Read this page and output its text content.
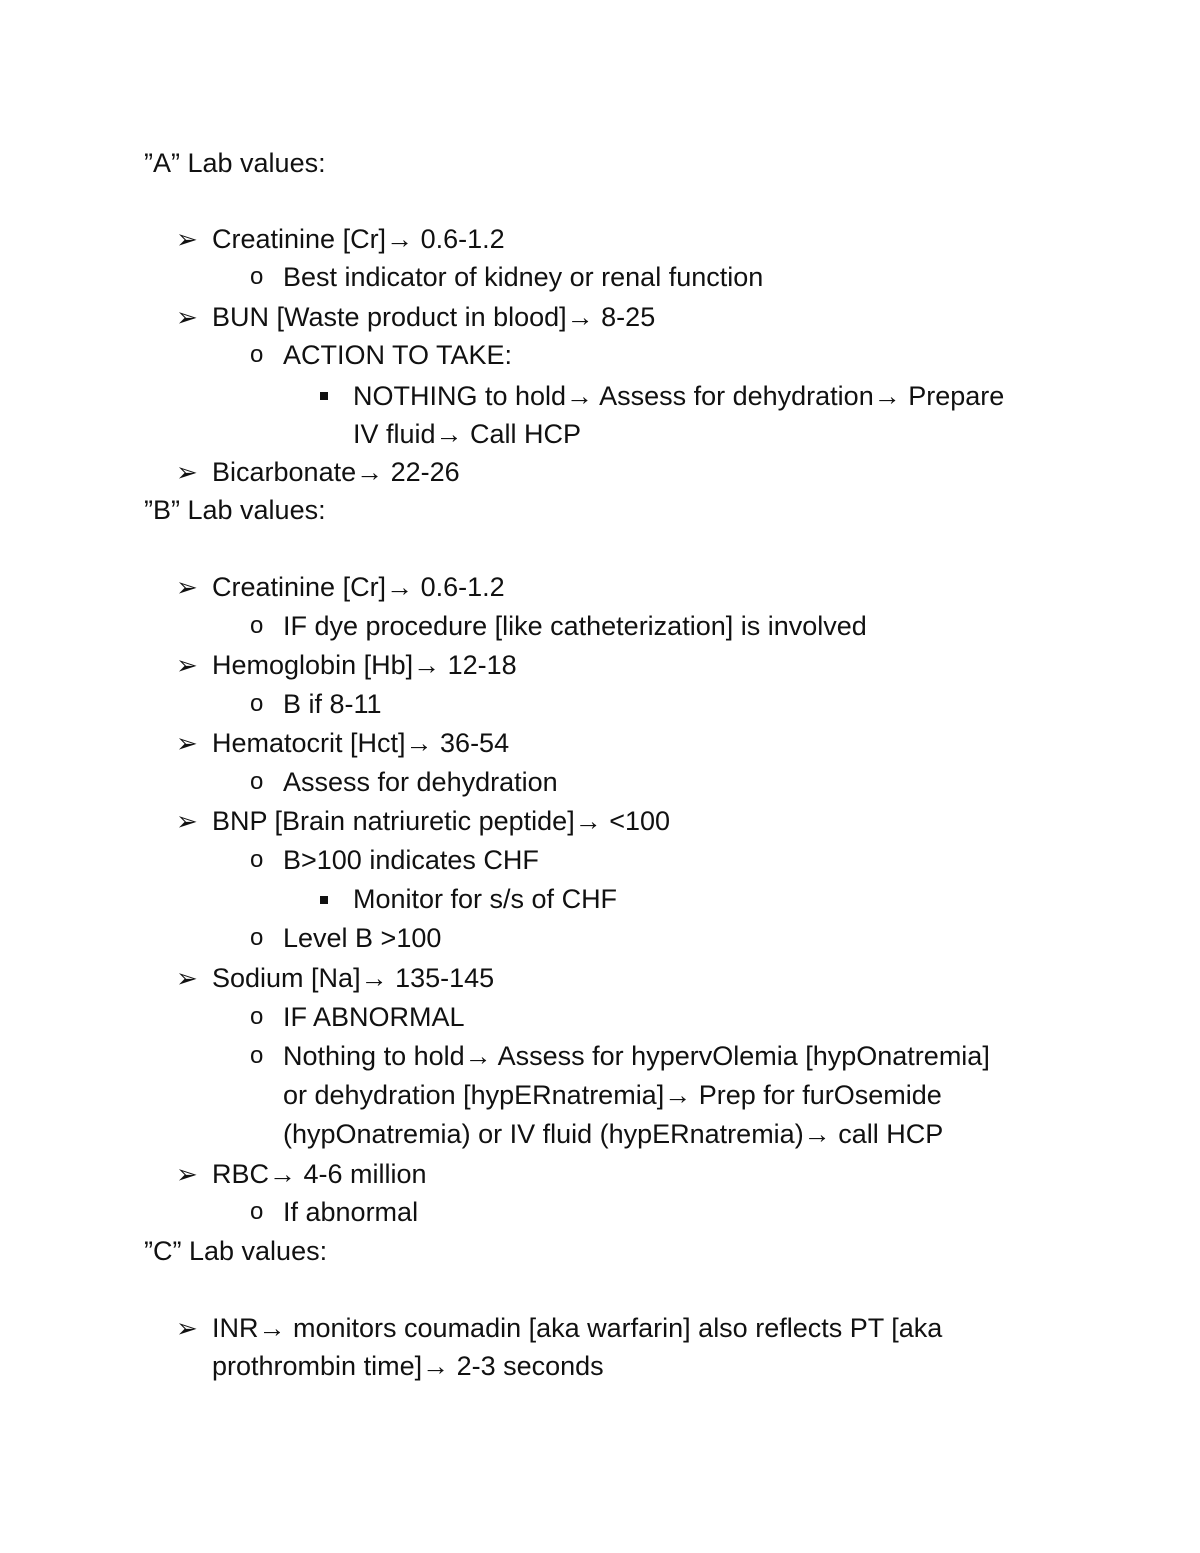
”A” Lab values:
➢ Creatinine [Cr]→ 0.6-1.2
o Best indicator of kidney or renal function
➢ BUN [Waste product in blood]→ 8-25
o ACTION TO TAKE:
NOTHING to hold→ Assess for dehydration→ Prepare
IV fluid→ Call HCP
➢ Bicarbonate→ 22-26
”B” Lab values:
➢ Creatinine [Cr]→ 0.6-1.2
o IF dye procedure [like catheterization] is involved
➢ Hemoglobin [Hb]→ 12-18
o B if 8-11
➢ Hematocrit [Hct]→ 36-54
o Assess for dehydration
➢ BNP [Brain natriuretic peptide]→ <100
o B>100 indicates CHF
Monitor for s/s of CHF
o Level B >100
➢ Sodium [Na]→ 135-145
o IF ABNORMAL
o Nothing to hold→ Assess for hypervOlemia [hypOnatremia]
or dehydration [hypERnatremia]→ Prep for furOsemide
(hypOnatremia) or IV fluid (hypERnatremia)→ call HCP
➢ RBC→ 4-6 million
o If abnormal
”C” Lab values:
➢ INR→ monitors coumadin [aka warfarin] also reflects PT [aka
prothrombin time]→ 2-3 seconds
